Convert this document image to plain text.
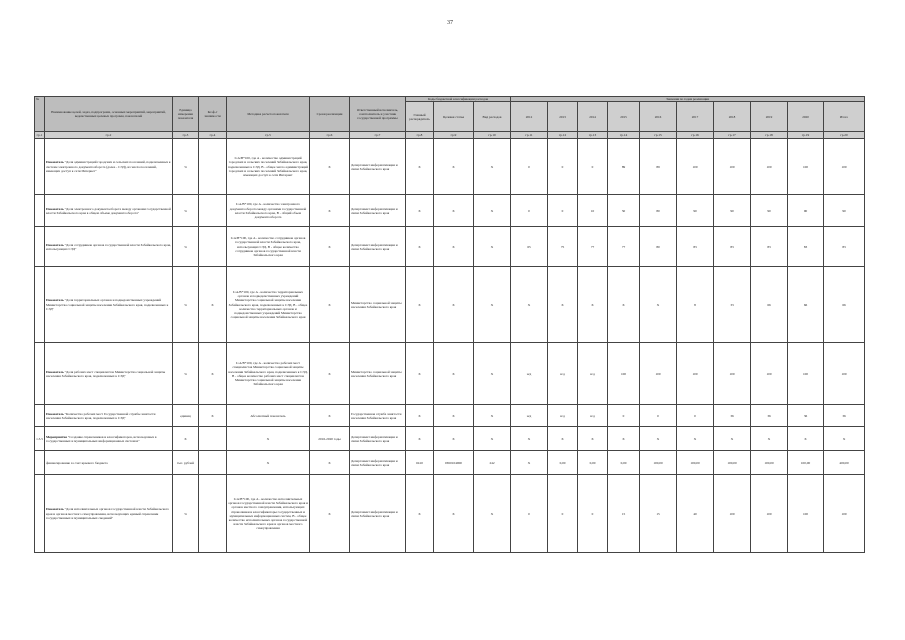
37
№	Наименование целей, задач, подпрограмм, основных мероприятий, мероприятий, ведомственных целевых программ, показателей	Единица измерения показателя	Коэф-т значимости	Методика расчета показателя	Сроки реализации	Ответственный исполнитель, соисполнитель и участник государственной программы	Коды бюджетной классификации расходов			Значения по годам реализации									
							Главный распорядитель	Целевая статья	Вид расходов	2012	2013	2014	2015	2016	2017	2018	2019	2020	Итого
гр.1	гр.2	гр.3	гр.4	гр.5	гр.6	гр.7	гр.8	гр.9	гр.10	гр.11	гр.12	гр.13	гр.14	гр.15	гр.16	гр.17	гр.18	гр.19	гр.20
	Показатель "Доля администраций городских и сельских поселений, подключенных к системе электронного документооборота (далее - СЭД), из числа поселений, имеющих доступ к сети Интернет"	%		I=A/B*100, где A - количество администраций городских и сельских поселений Забайкальского края, подключенных к СЭД, B - общее число администраций городских и сельских поселений Забайкальского края, имеющих доступ к сети Интернет	X	Департамент информатизации и связи Забайкальского края	X	X	X	0	0	0	89	89	100	100	100	100	100
	Показатель "Доля электронного документооборота между органами государственной власти Забайкальского края в общем объеме документооборота"	%		I=A/B*100, где A - количество электронного документооборота между органами государственной власти Забайкальского края, B - общий объем документооборота	X	Департамент информатизации и связи Забайкальского края	X	X	X	0	0	10	50	80	90	90	90	90	90
	Показатель "Доля сотрудников органов государственной власти Забайкальского края, использующих СЭД"	%		I=A/B*100, где A - количество сотрудников органов государственной власти Забайкальского края, использующих СЭД, B - общее количество сотрудников органов государственной власти Забайкальского края	X	Департамент информатизации и связи Забайкальского края	X	X	X	65	75	77	77	80	83	83	83	83	83
	Показатель "Доля территориальных органов и подведомственных учреждений Министерства социальной защиты населения Забайкальского края, подключенных к СЭД"	%	X	I=A/B*100, где A - количество территориальных органов и подведомственных учреждений Министерства социальной защиты населения Забайкальского края, подключенных к СЭД, B - общее количество территориальных органов и подведомственных учреждений Министерства социальной защиты населения Забайкальского края	X	Министерство социальной защиты населения Забайкальского края	X	X	X	X	X	X	X	X	8	33	66	66	66
	Показатель "Доля рабочих мест специалистов Министерства социальной защиты населения Забайкальского края, подключенных к СЭД"	%	X	I=A/B*100, где A - количество рабочих мест специалистов Министерства социальной защиты населения Забайкальского края, подключенных к СЭД, B - общее количество рабочих мест специалистов Министерства социальной защиты населения Забайкальского края	X	Министерство социальной защиты населения Забайкальского края	X	X	X	н/д	н/д	н/д	100	100	100	100	100	100	100
	Показатель "Количество рабочих мест Государственной службы занятости населения Забайкальского края, подключенных к СЭД"	единиц	X	Абсолютный показатель	X	Государственная служба занятости населения Забайкальского края	X	X	X	н/д	н/д	н/д	0	0	0	36	36	36	36
1.3.5	Мероприятие "Создание справочников и классификаторов, используемых в государственных и муниципальных информационных системах"	X		X	2016-2020 годы	Департамент информатизации и связи Забайкальского края	X	X	X	X	X	X	X	X	X	X	X	X	X
	финансирование за счет краевого бюджета	тыс. рублей		X	X	Департамент информатизации и связи Забайкальского края	0410	0650104900	242	X	0,00	0,00	0,00	100,00	100,00	100,00	100,00	100,00	400,00
	Показатель "Доля исполнительных органов государственной власти Забайкальского края и органов местного самоуправления, использующих единый справочник государственных и муниципальных сведений"	%		I=A/B*100, где A - количество исполнительных органов государственной власти Забайкальского края и органов местного самоуправления, использующих справочники и классификаторы государственных и муниципальных информационных систем, B - общее количество исполнительных органов государственной власти Забайкальского края и органов местного самоуправления	X	Департамент информатизации и связи Забайкальского края	X	X	X	0	0	0	15	15	40	100	100	100	100
